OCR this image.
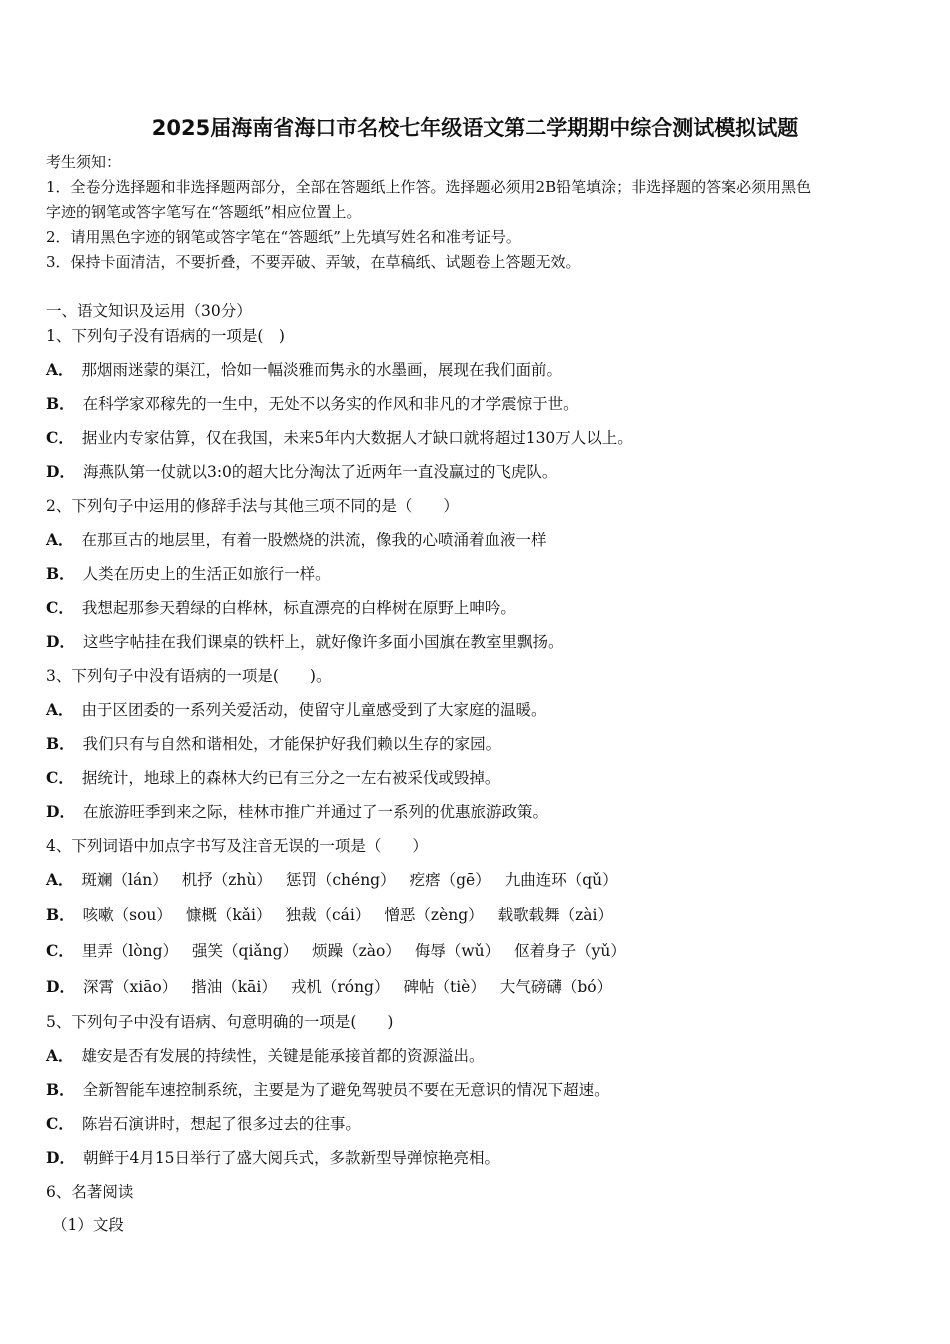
2025届海南省海口市名校七年级语文第二学期期中综合测试模拟试题
考生须知：
1．全卷分选择题和非选择题两部分，全部在答题纸上作答。选择题必须用2B铅笔填涂；非选择题的答案必须用黑色
字迹的钢笔或答字笔写在“答题纸”相应位置上。
2．请用黑色字迹的钢笔或答字笔在“答题纸”上先填写姓名和准考证号。
3．保持卡面清洁，不要折叠，不要弄破、弄皱，在草稿纸、试题卷上答题无效。
一、语文知识及运用（30分）
1、下列句子没有语病的一项是(　)
A． 那烟雨迷蒙的渠江，恰如一幅淡雅而隽永的水墨画，展现在我们面前。
B． 在科学家邓稼先的一生中，无处不以务实的作风和非凡的才学震惊于世。
C． 据业内专家估算，仅在我国，未来5年内大数据人才缺口就将超过130万人以上。
D． 海燕队第一仗就以3:0的超大比分淘汰了近两年一直没赢过的飞虎队。
2、下列句子中运用的修辞手法与其他三项不同的是（　　）
A． 在那亘古的地层里，有着一股燃烧的洪流，像我的心喷涌着血液一样
B． 人类在历史上的生活正如旅行一样。
C． 我想起那参天碧绿的白桦林，标直漂亮的白桦树在原野上呻吟。
D． 这些字帖挂在我们课桌的铁杆上，就好像许多面小国旗在教室里飘扬。
3、下列句子中没有语病的一项是(　　)。
A． 由于区团委的一系列关爱活动，使留守儿童感受到了大家庭的温暖。
B． 我们只有与自然和谐相处，才能保护好我们赖以生存的家园。
C． 据统计，地球上的森林大约已有三分之一左右被采伐或毁掉。
D． 在旅游旺季到来之际，桂林市推广并通过了一系列的优惠旅游政策。
4、下列词语中加点字书写及注音无误的一项是（　　）
A． 斑斓（lán） 机抒（zhù） 惩罚（chéng） 疙瘩（gē） 九曲连环（qǔ）
B． 咳嗽（sou） 慷概（kǎi） 独裁（cái） 憎恶（zèng） 载歌载舞（zài）
C． 里弄（lòng） 强笑（qiǎng） 烦躁（zào） 侮辱（wǔ） 伛着身子（yǔ）
D． 深霄（xiāo） 揩油（kāi） 戎机（róng） 碑帖（tiè） 大气磅礴（bó）
5、下列句子中没有语病、句意明确的一项是(　　)
A． 雄安是否有发展的持续性，关键是能承接首都的资源溢出。
B． 全新智能车速控制系统，主要是为了避免驾驶员不要在无意识的情况下超速。
C． 陈岩石演讲时，想起了很多过去的往事。
D． 朝鲜于4月15日举行了盛大阅兵式，多款新型导弹惊艳亮相。
6、名著阅读
（1）文段
